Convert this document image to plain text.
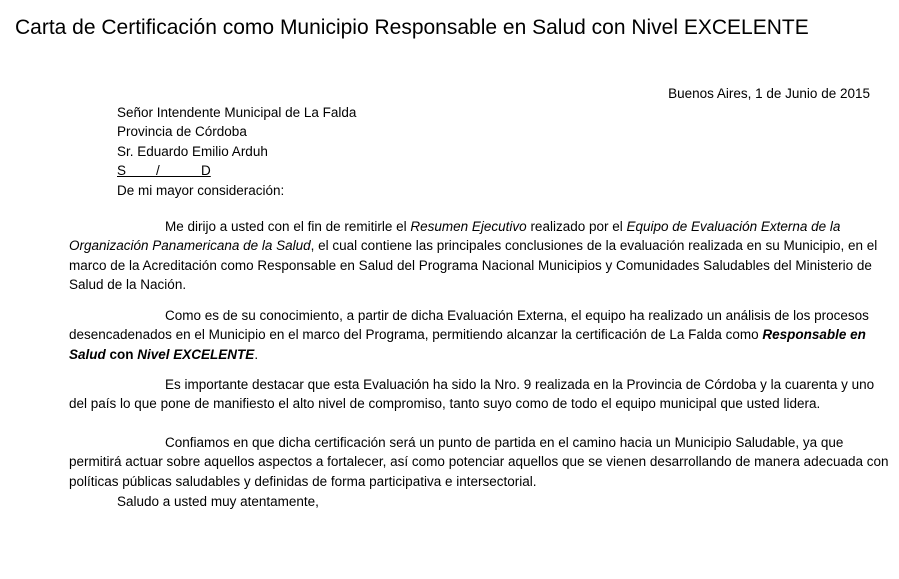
Carta de Certificación como Municipio Responsable en Salud con Nivel EXCELENTE
Buenos Aires, 1 de Junio de 2015
Señor Intendente Municipal de La Falda
Provincia de Córdoba
Sr. Eduardo Emilio Arduh
S        /           D
De mi mayor consideración:
Me dirijo a usted con el fin de remitirle el Resumen Ejecutivo realizado por el Equipo de Evaluación Externa de la Organización Panamericana de la Salud, el cual contiene las principales conclusiones de la evaluación realizada en su Municipio, en el marco de la Acreditación como Responsable en Salud del Programa Nacional Municipios y Comunidades Saludables del Ministerio de Salud de la Nación.
Como es de su conocimiento, a partir de dicha Evaluación Externa, el equipo ha realizado un análisis de los procesos desencadenados en el Municipio en el marco del Programa, permitiendo alcanzar la certificación de La Falda como Responsable en Salud con Nivel EXCELENTE.
Es importante destacar que esta Evaluación ha sido la Nro. 9 realizada en la Provincia de Córdoba y la cuarenta y uno del país lo que pone de manifiesto el alto nivel de compromiso, tanto suyo como de todo el equipo municipal que usted lidera.
Confiamos en que dicha certificación será un punto de partida en el camino hacia un Municipio Saludable, ya que permitirá actuar sobre aquellos aspectos a fortalecer, así como potenciar aquellos que se vienen desarrollando de manera adecuada con políticas públicas saludables y definidas de forma participativa e intersectorial.
Saludo a usted muy atentamente,
